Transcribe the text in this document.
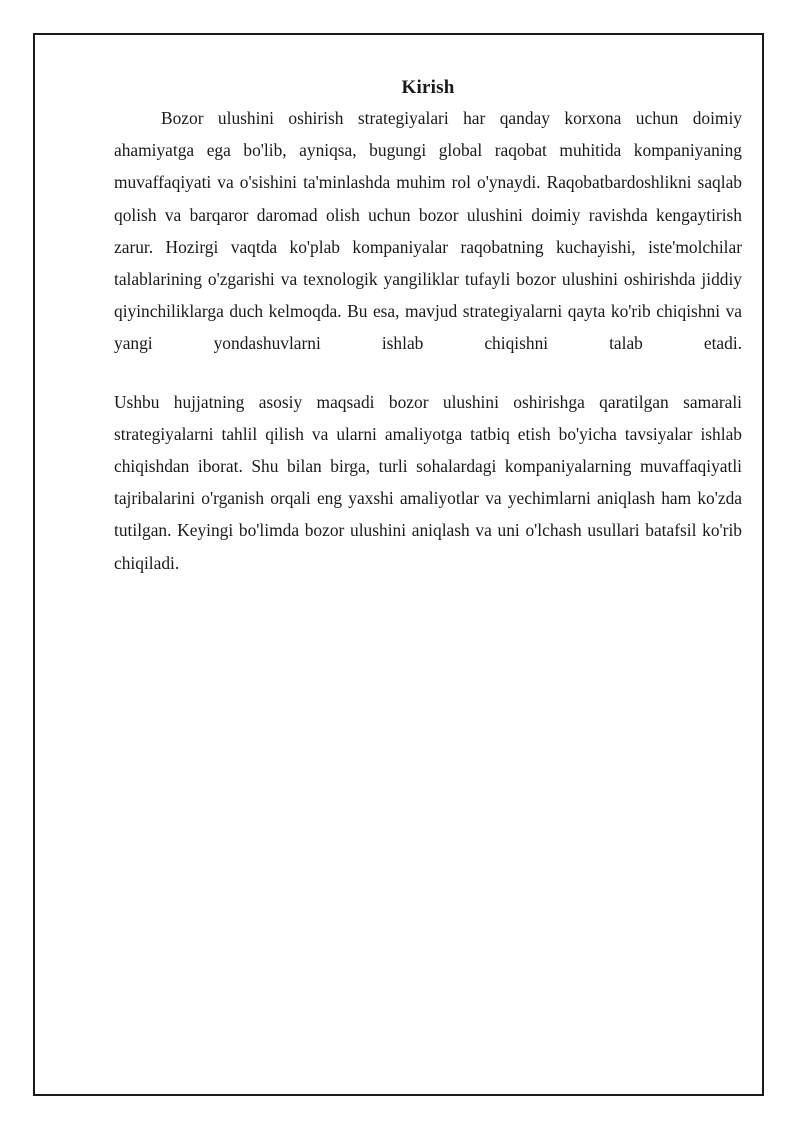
Kirish

Bozor ulushini oshirish strategiyalari har qanday korxona uchun doimiy ahamiyatga ega bo'lib, ayniqsa, bugungi global raqobat muhitida kompaniyaning muvaffaqiyati va o'sishini ta'minlashda muhim rol o'ynaydi. Raqobatbardoshlikni saqlab qolish va barqaror daromad olish uchun bozor ulushini doimiy ravishda kengaytirish zarur. Hozirgi vaqtda ko'plab kompaniyalar raqobatning kuchayishi, iste'molchilar talablarining o'zgarishi va texnologik yangiliklar tufayli bozor ulushini oshirishda jiddiy qiyinchiliklarga duch kelmoqda. Bu esa, mavjud strategiyalarni qayta ko'rib chiqishni va yangi yondashuvlarni ishlab chiqishni talab etadi.

Ushbu hujjatning asosiy maqsadi bozor ulushini oshirishga qaratilgan samarali strategiyalarni tahlil qilish va ularni amaliyotga tatbiq etish bo'yicha tavsiyalar ishlab chiqishdan iborat. Shu bilan birga, turli sohalardagi kompaniyalarning muvaffaqiyatli tajribalarini o'rganish orqali eng yaxshi amaliyotlar va yechimlarni aniqlash ham ko'zda tutilgan. Keyingi bo'limda bozor ulushini aniqlash va uni o'lchash usullari batafsil ko'rib chiqiladi.
